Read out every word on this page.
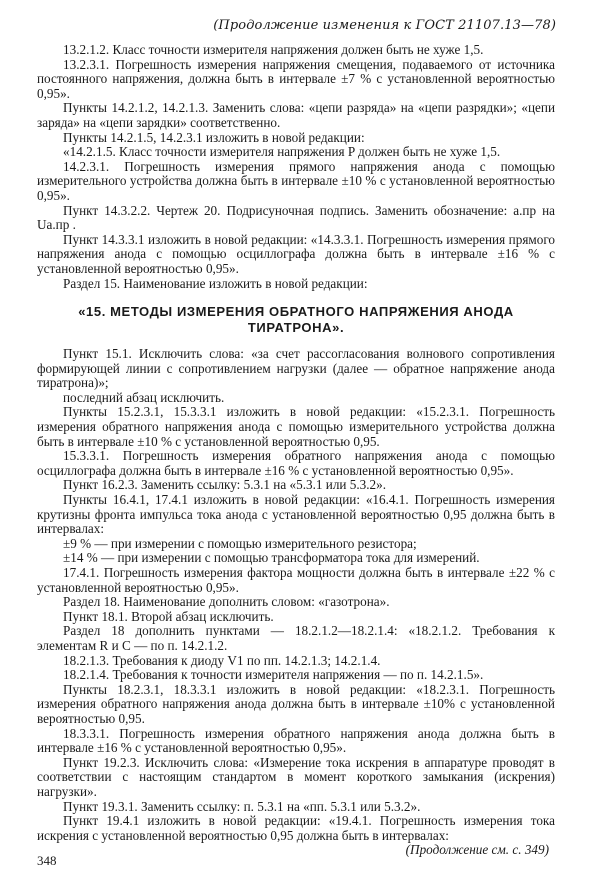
(Продолжение изменения к ГОСТ 21107.13—78)

13.2.1.2. Класс точности измерителя напряжения должен быть не хуже 1,5.

13.2.3.1. Погрешность измерения напряжения смещения, подаваемого от источника постоянного напряжения, должна быть в интервале ±7 % с установленной вероятностью 0,95».

Пункты 14.2.1.2, 14.2.1.3. Заменить слова: «цепи разряда» на «цепи разрядки»; «цепи заряда» на «цепи зарядки» соответственно.

Пункты 14.2.1.5, 14.2.3.1 изложить в новой редакции:

«14.2.1.5. Класс точности измерителя напряжения P должен быть не хуже 1,5.

14.2.3.1. Погрешность измерения прямого напряжения анода с помощью измерительного устройства должна быть в интервале ±10 % с установленной вероятностью 0,95».

Пункт 14.3.2.2. Чертеж 20. Подрисуночная подпись. Заменить обозначение: а.пр на Uа.пр .

Пункт 14.3.3.1 изложить в новой редакции: «14.3.3.1. Погрешность измерения прямого напряжения анода с помощью осциллографа должна быть в интервале ±16 % с установленной вероятностью 0,95».

Раздел 15. Наименование изложить в новой редакции:

«15. МЕТОДЫ ИЗМЕРЕНИЯ ОБРАТНОГО НАПРЯЖЕНИЯ АНОДА ТИРАТРОНА».

Пункт 15.1. Исключить слова: «за счет рассогласования волнового сопротивления формирующей линии с сопротивлением нагрузки (далее — обратное напряжение анода тиратрона)»;

последний абзац исключить.

Пункты 15.2.3.1, 15.3.3.1 изложить в новой редакции: «15.2.3.1. Погрешность измерения обратного напряжения анода с помощью измерительного устройства должна быть в интервале ±10 % с установленной вероятностью 0,95.

15.3.3.1. Погрешность измерения обратного напряжения анода с помощью осциллографа должна быть в интервале ±16 % с установленной вероятностью 0,95».

Пункт 16.2.3. Заменить ссылку: 5.3.1 на «5.3.1 или 5.3.2».

Пункты 16.4.1, 17.4.1 изложить в новой редакции: «16.4.1. Погрешность измерения крутизны фронта импульса тока анода с установленной вероятностью 0,95 должна быть в интервалах:

±9 % — при измерении с помощью измерительного резистора;

±14 % — при измерении с помощью трансформатора тока для измерений.

17.4.1. Погрешность измерения фактора мощности должна быть в интервале ±22 % с установленной вероятностью 0,95».

Раздел 18. Наименование дополнить словом: «газотрона».

Пункт 18.1. Второй абзац исключить.

Раздел 18 дополнить пунктами — 18.2.1.2—18.2.1.4: «18.2.1.2. Требования к элементам R и C — по п. 14.2.1.2.

18.2.1.3. Требования к диоду V1 по пп. 14.2.1.3; 14.2.1.4.

18.2.1.4. Требования к точности измерителя напряжения — по п. 14.2.1.5».

Пункты 18.2.3.1, 18.3.3.1 изложить в новой редакции: «18.2.3.1. Погрешность измерения обратного напряжения анода должна быть в интервале ±10% с установленной вероятностью 0,95.

18.3.3.1. Погрешность измерения обратного напряжения анода должна быть в интервале ±16 % с установленной вероятностью 0,95».

Пункт 19.2.3. Исключить слова: «Измерение тока искрения в аппаратуре проводят в соответствии с настоящим стандартом в момент короткого замыкания (искрения) нагрузки».

Пункт 19.3.1. Заменить ссылку: п. 5.3.1 на «пп. 5.3.1 или 5.3.2».

Пункт 19.4.1 изложить в новой редакции: «19.4.1. Погрешность измерения тока искрения с установленной вероятностью 0,95 должна быть в интервалах:

(Продолжение см. с. 349)

348
